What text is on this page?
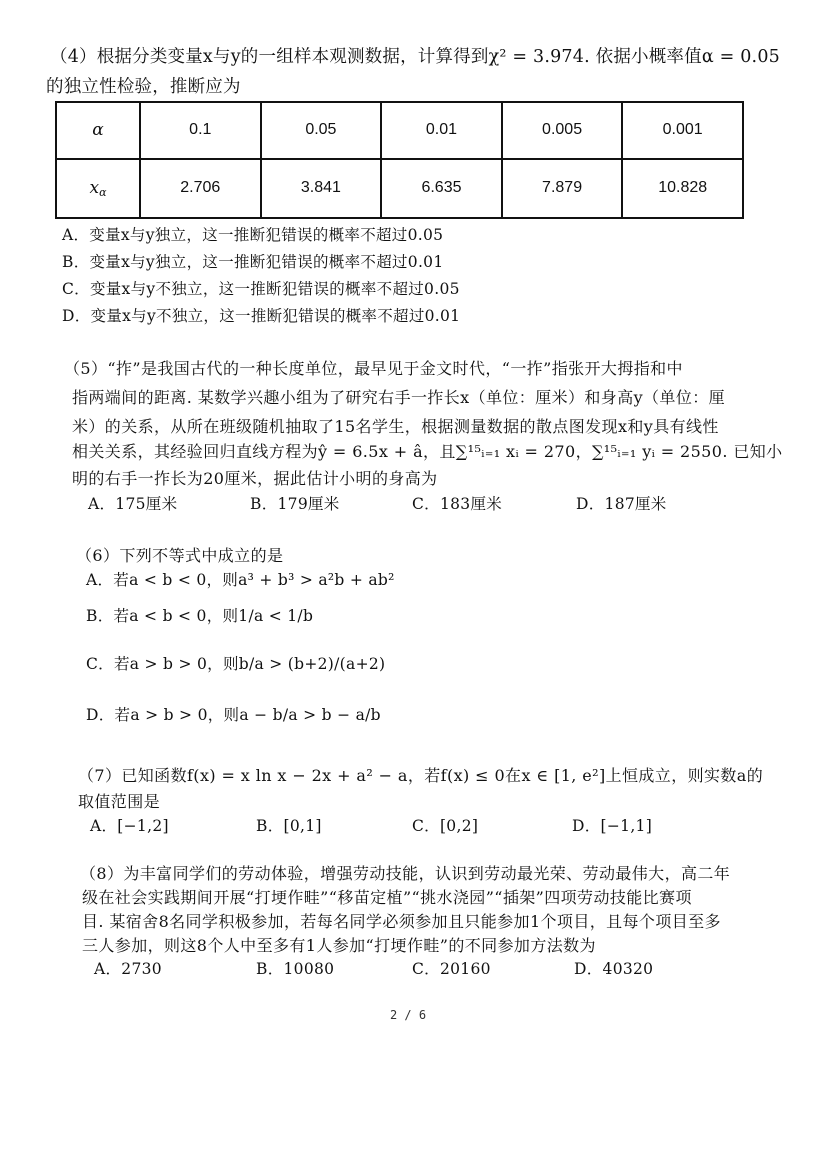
（4）根据分类变量x与y的一组样本观测数据，计算得到χ² = 3.974. 依据小概率值α = 0.05
的独立性检验，推断应为
α	0.1	0.05	0.01	0.005	0.001
$x_\alpha$	2.706	3.841	6.635	7.879	10.828
A．变量x与y独立，这一推断犯错误的概率不超过0.05
B．变量x与y独立，这一推断犯错误的概率不超过0.01
C．变量x与y不独立，这一推断犯错误的概率不超过0.05
D．变量x与y不独立，这一推断犯错误的概率不超过0.01
（5）“拃”是我国古代的一种长度单位，最早见于金文时代，“一拃”指张开大拇指和中
指两端间的距离. 某数学兴趣小组为了研究右手一拃长x（单位：厘米）和身高y（单位：厘
米）的关系，从所在班级随机抽取了15名学生，根据测量数据的散点图发现x和y具有线性
相关关系，其经验回归直线方程为ŷ = 6.5x + â，且∑¹⁵ᵢ₌₁ xᵢ = 270，∑¹⁵ᵢ₌₁ yᵢ = 2550. 已知小
明的右手一拃长为20厘米，据此估计小明的身高为
A．175厘米	B．179厘米	C．183厘米	D．187厘米
（6）下列不等式中成立的是
A．若a < b < 0，则a³ + b³ > a²b + ab²
B．若a < b < 0，则1/a < 1/b
C．若a > b > 0，则b/a > (b+2)/(a+2)
D．若a > b > 0，则a − b/a > b − a/b
（7）已知函数f(x) = x ln x − 2x + a² − a，若f(x) ≤ 0在x ∈ [1, e²]上恒成立，则实数a的
取值范围是
A．[−1,2]	B．[0,1]	C．[0,2]	D．[−1,1]
（8）为丰富同学们的劳动体验，增强劳动技能，认识到劳动最光荣、劳动最伟大，高二年
级在社会实践期间开展“打埂作畦”“移苗定植”“挑水浇园”“插架”四项劳动技能比赛项
目. 某宿舍8名同学积极参加，若每名同学必须参加且只能参加1个项目，且每个项目至多
三人参加，则这8个人中至多有1人参加“打埂作畦”的不同参加方法数为
A．2730	B．10080	C．20160	D．40320
2 / 6
